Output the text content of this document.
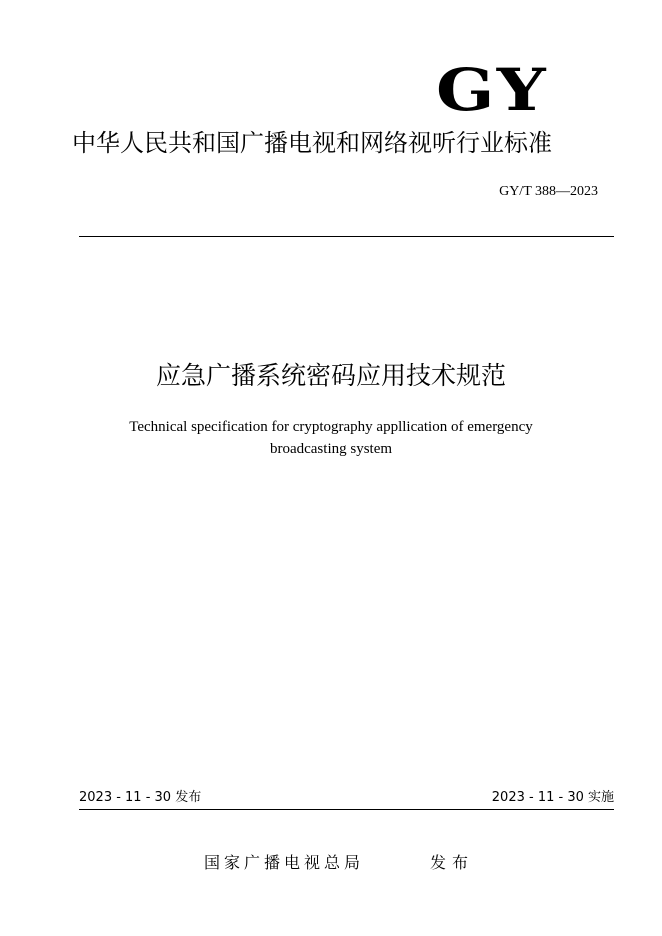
GY
中华人民共和国广播电视和网络视听行业标准
GY/T 388—2023
应急广播系统密码应用技术规范
Technical specification for cryptography appllication of emergency
broadcasting system
2023 - 11 - 30 发布	2023 - 11 - 30 实施
国家广播电视总局	发布
